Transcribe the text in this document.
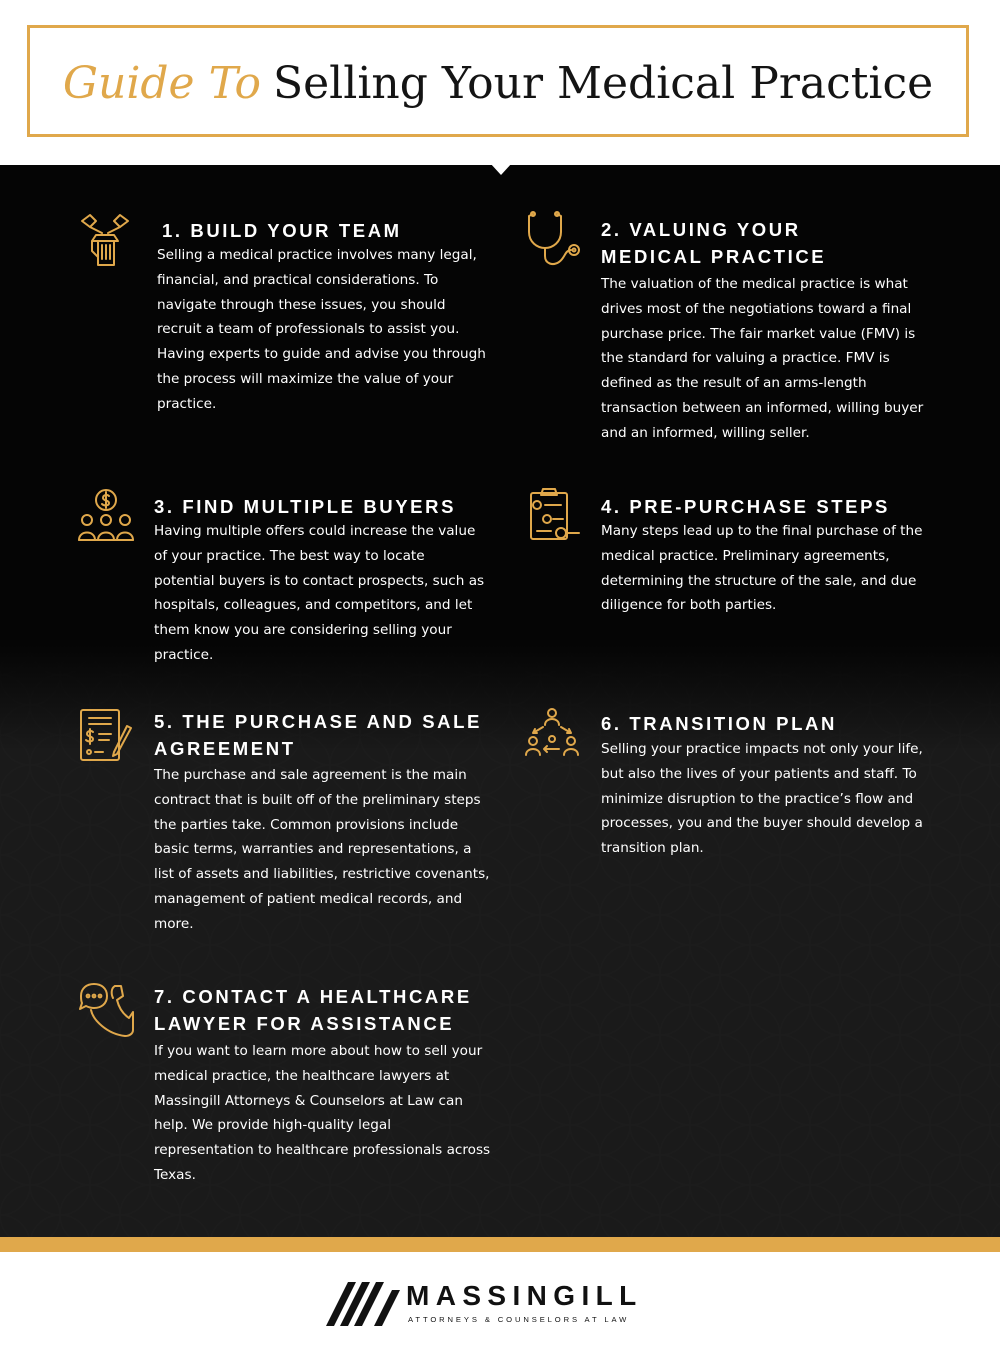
Guide To Selling Your Medical Practice
1. BUILD YOUR TEAM
Selling a medical practice involves many legal, financial, and practical considerations. To navigate through these issues, you should recruit a team of professionals to assist you. Having experts to guide and advise you through the process will maximize the value of your practice.
2. VALUING YOUR MEDICAL PRACTICE
The valuation of the medical practice is what drives most of the negotiations toward a final purchase price. The fair market value (FMV) is the standard for valuing a practice. FMV is defined as the result of an arms-length transaction between an informed, willing buyer and an informed, willing seller.
3. FIND MULTIPLE BUYERS
Having multiple offers could increase the value of your practice. The best way to locate potential buyers is to contact prospects, such as hospitals, colleagues, and competitors, and let them know you are considering selling your practice.
4. PRE-PURCHASE STEPS
Many steps lead up to the final purchase of the medical practice. Preliminary agreements, determining the structure of the sale, and due diligence for both parties.
5. THE PURCHASE AND SALE AGREEMENT
The purchase and sale agreement is the main contract that is built off of the preliminary steps the parties take. Common provisions include basic terms, warranties and representations, a list of assets and liabilities, restrictive covenants, management of patient medical records, and more.
6. TRANSITION PLAN
Selling your practice impacts not only your life, but also the lives of your patients and staff. To minimize disruption to the practice’s flow and processes, you and the buyer should develop a transition plan.
7. CONTACT A HEALTHCARE LAWYER FOR ASSISTANCE
If you want to learn more about how to sell your medical practice, the healthcare lawyers at Massingill Attorneys & Counselors at Law can help. We provide high-quality legal representation to healthcare professionals across Texas.
MASSINGILL
ATTORNEYS & COUNSELORS AT LAW
